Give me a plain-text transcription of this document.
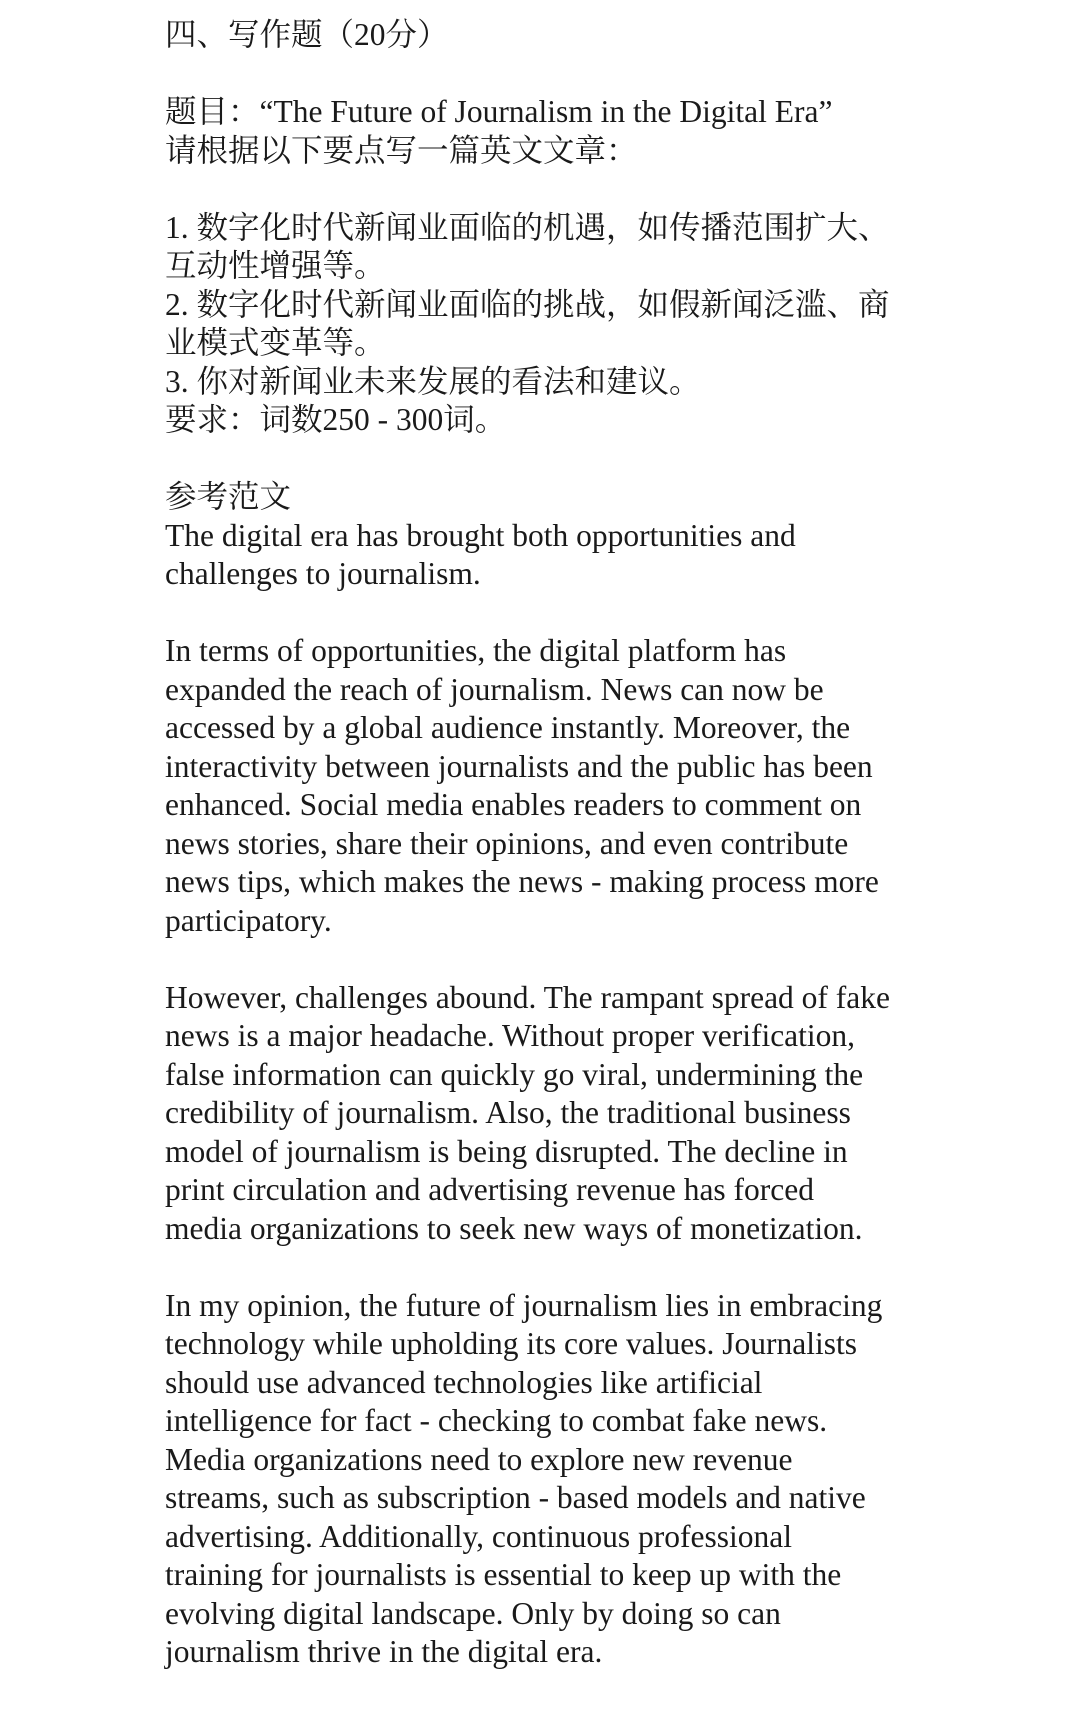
四、写作题（20分）
题目：“The Future of Journalism in the Digital Era”
请根据以下要点写一篇英文文章：
1. 数字化时代新闻业面临的机遇，如传播范围扩大、
互动性增强等。
2. 数字化时代新闻业面临的挑战，如假新闻泛滥、商
业模式变革等。
3. 你对新闻业未来发展的看法和建议。
要求：词数250 - 300词。
参考范文
The digital era has brought both opportunities and
challenges to journalism.
In terms of opportunities, the digital platform has
expanded the reach of journalism. News can now be
accessed by a global audience instantly. Moreover, the
interactivity between journalists and the public has been
enhanced. Social media enables readers to comment on
news stories, share their opinions, and even contribute
news tips, which makes the news - making process more
participatory.
However, challenges abound. The rampant spread of fake
news is a major headache. Without proper verification,
false information can quickly go viral, undermining the
credibility of journalism. Also, the traditional business
model of journalism is being disrupted. The decline in
print circulation and advertising revenue has forced
media organizations to seek new ways of monetization.
In my opinion, the future of journalism lies in embracing
technology while upholding its core values. Journalists
should use advanced technologies like artificial
intelligence for fact - checking to combat fake news.
Media organizations need to explore new revenue
streams, such as subscription - based models and native
advertising. Additionally, continuous professional
training for journalists is essential to keep up with the
evolving digital landscape. Only by doing so can
journalism thrive in the digital era.
